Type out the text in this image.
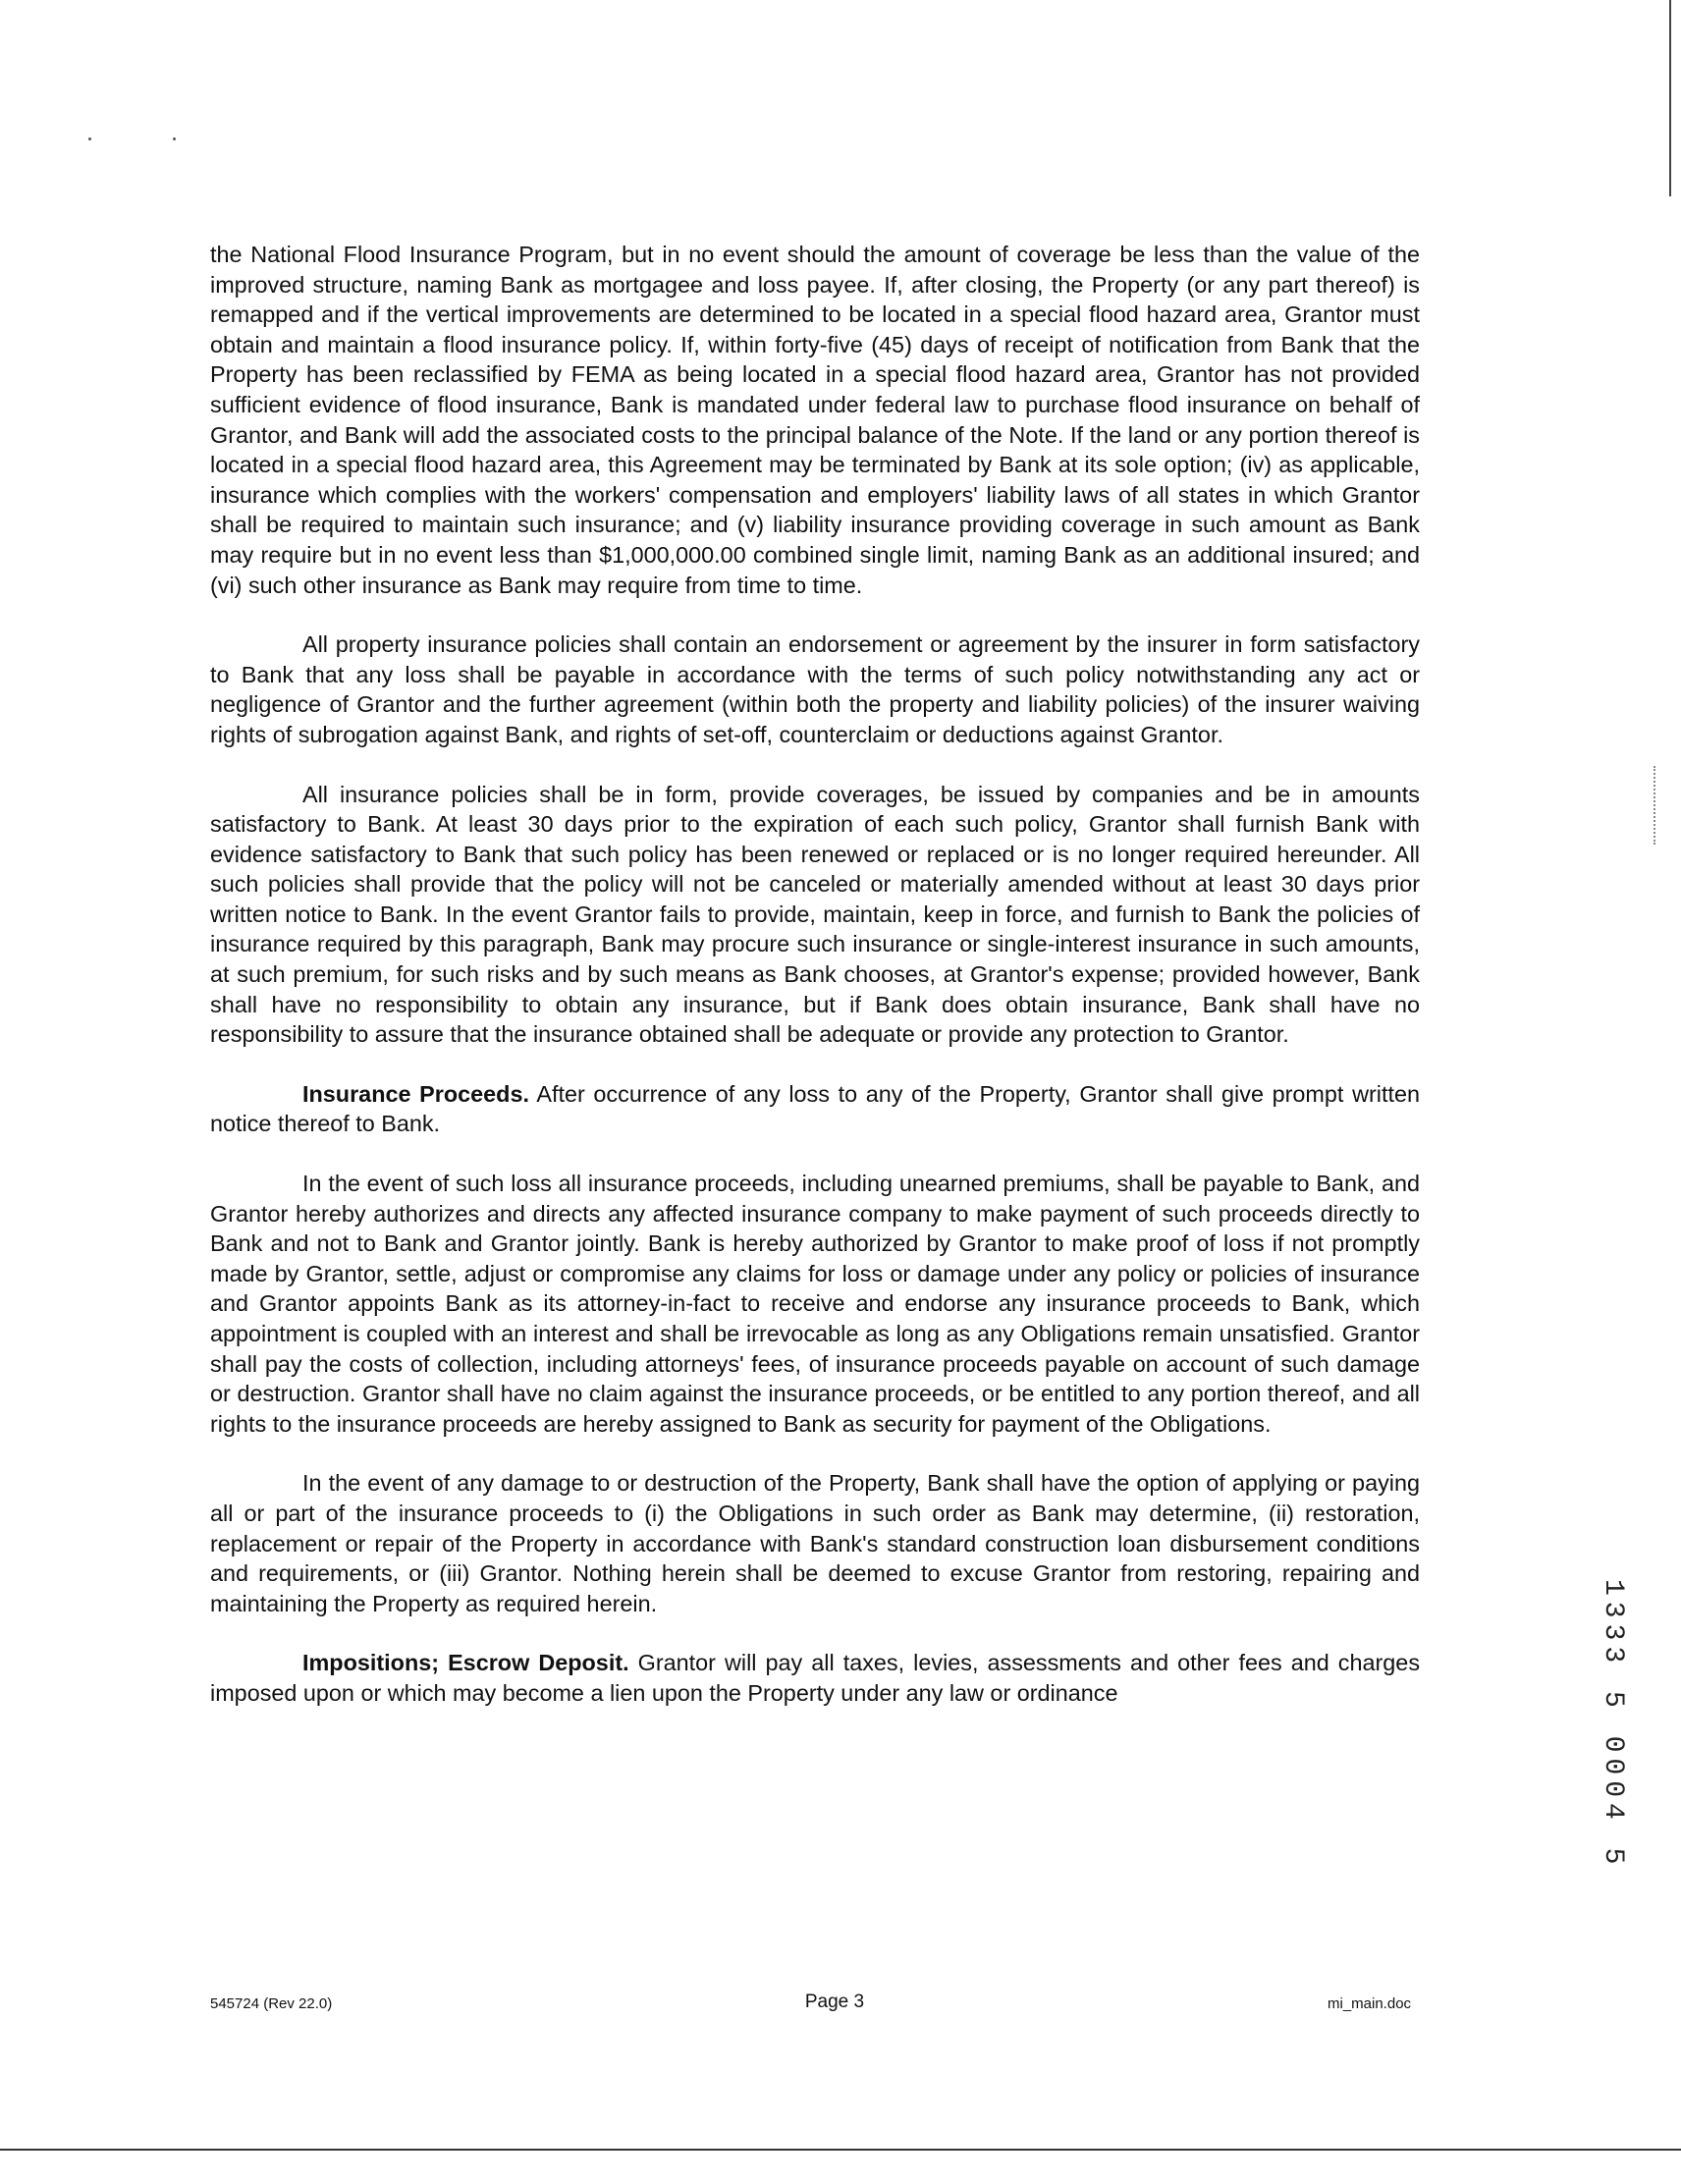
the National Flood Insurance Program, but in no event should the amount of coverage be less than the value of the improved structure, naming Bank as mortgagee and loss payee. If, after closing, the Property (or any part thereof) is remapped and if the vertical improvements are determined to be located in a special flood hazard area, Grantor must obtain and maintain a flood insurance policy. If, within forty-five (45) days of receipt of notification from Bank that the Property has been reclassified by FEMA as being located in a special flood hazard area, Grantor has not provided sufficient evidence of flood insurance, Bank is mandated under federal law to purchase flood insurance on behalf of Grantor, and Bank will add the associated costs to the principal balance of the Note. If the land or any portion thereof is located in a special flood hazard area, this Agreement may be terminated by Bank at its sole option; (iv) as applicable, insurance which complies with the workers' compensation and employers' liability laws of all states in which Grantor shall be required to maintain such insurance; and (v) liability insurance providing coverage in such amount as Bank may require but in no event less than $1,000,000.00 combined single limit, naming Bank as an additional insured; and (vi) such other insurance as Bank may require from time to time.

All property insurance policies shall contain an endorsement or agreement by the insurer in form satisfactory to Bank that any loss shall be payable in accordance with the terms of such policy notwithstanding any act or negligence of Grantor and the further agreement (within both the property and liability policies) of the insurer waiving rights of subrogation against Bank, and rights of set-off, counterclaim or deductions against Grantor.

All insurance policies shall be in form, provide coverages, be issued by companies and be in amounts satisfactory to Bank. At least 30 days prior to the expiration of each such policy, Grantor shall furnish Bank with evidence satisfactory to Bank that such policy has been renewed or replaced or is no longer required hereunder. All such policies shall provide that the policy will not be canceled or materially amended without at least 30 days prior written notice to Bank. In the event Grantor fails to provide, maintain, keep in force, and furnish to Bank the policies of insurance required by this paragraph, Bank may procure such insurance or single-interest insurance in such amounts, at such premium, for such risks and by such means as Bank chooses, at Grantor's expense; provided however, Bank shall have no responsibility to obtain any insurance, but if Bank does obtain insurance, Bank shall have no responsibility to assure that the insurance obtained shall be adequate or provide any protection to Grantor.

Insurance Proceeds. After occurrence of any loss to any of the Property, Grantor shall give prompt written notice thereof to Bank.

In the event of such loss all insurance proceeds, including unearned premiums, shall be payable to Bank, and Grantor hereby authorizes and directs any affected insurance company to make payment of such proceeds directly to Bank and not to Bank and Grantor jointly. Bank is hereby authorized by Grantor to make proof of loss if not promptly made by Grantor, settle, adjust or compromise any claims for loss or damage under any policy or policies of insurance and Grantor appoints Bank as its attorney-in-fact to receive and endorse any insurance proceeds to Bank, which appointment is coupled with an interest and shall be irrevocable as long as any Obligations remain unsatisfied. Grantor shall pay the costs of collection, including attorneys' fees, of insurance proceeds payable on account of such damage or destruction. Grantor shall have no claim against the insurance proceeds, or be entitled to any portion thereof, and all rights to the insurance proceeds are hereby assigned to Bank as security for payment of the Obligations.

In the event of any damage to or destruction of the Property, Bank shall have the option of applying or paying all or part of the insurance proceeds to (i) the Obligations in such order as Bank may determine, (ii) restoration, replacement or repair of the Property in accordance with Bank's standard construction loan disbursement conditions and requirements, or (iii) Grantor. Nothing herein shall be deemed to excuse Grantor from restoring, repairing and maintaining the Property as required herein.

Impositions; Escrow Deposit. Grantor will pay all taxes, levies, assessments and other fees and charges imposed upon or which may become a lien upon the Property under any law or ordinance	1333 5 0004 5
545724 (Rev 22.0)	Page 3	mi_main.doc
